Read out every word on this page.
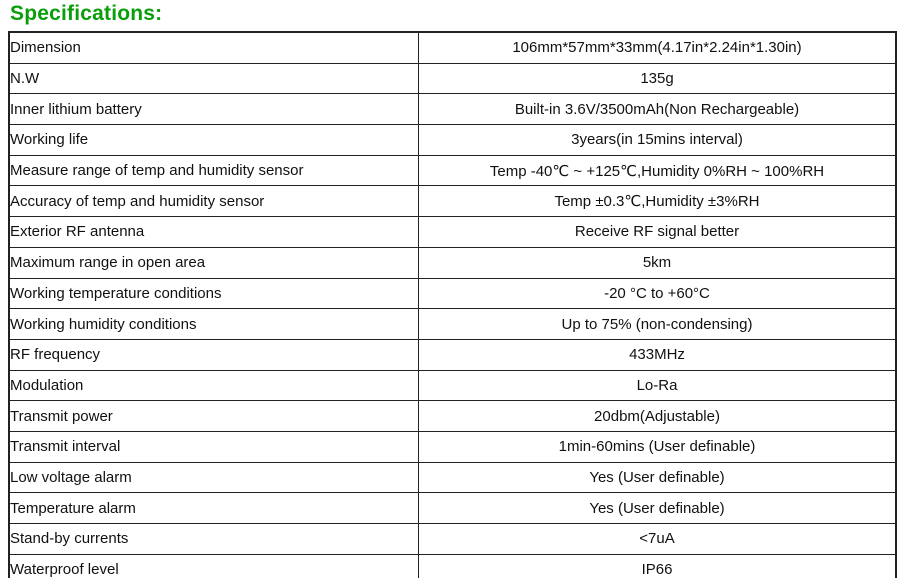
Specifications:
Dimension	106mm*57mm*33mm(4.17in*2.24in*1.30in)
N.W	135g
Inner lithium battery	Built-in 3.6V/3500mAh(Non Rechargeable)
Working life	3years(in 15mins interval)
Measure range of temp and humidity sensor	Temp -40℃ ~ +125℃,Humidity 0%RH ~ 100%RH
Accuracy of temp and humidity sensor	Temp ±0.3℃,Humidity ±3%RH
Exterior RF antenna	Receive RF signal better
Maximum range in open area	5km
Working temperature conditions	-20 °C to +60°C
Working humidity conditions	Up to 75% (non-condensing)
RF frequency	433MHz
Modulation	Lo-Ra
Transmit power	20dbm(Adjustable)
Transmit interval	1min-60mins (User definable)
Low voltage alarm	Yes (User definable)
Temperature alarm	Yes (User definable)
Stand-by currents	<7uA
Waterproof level	IP66
